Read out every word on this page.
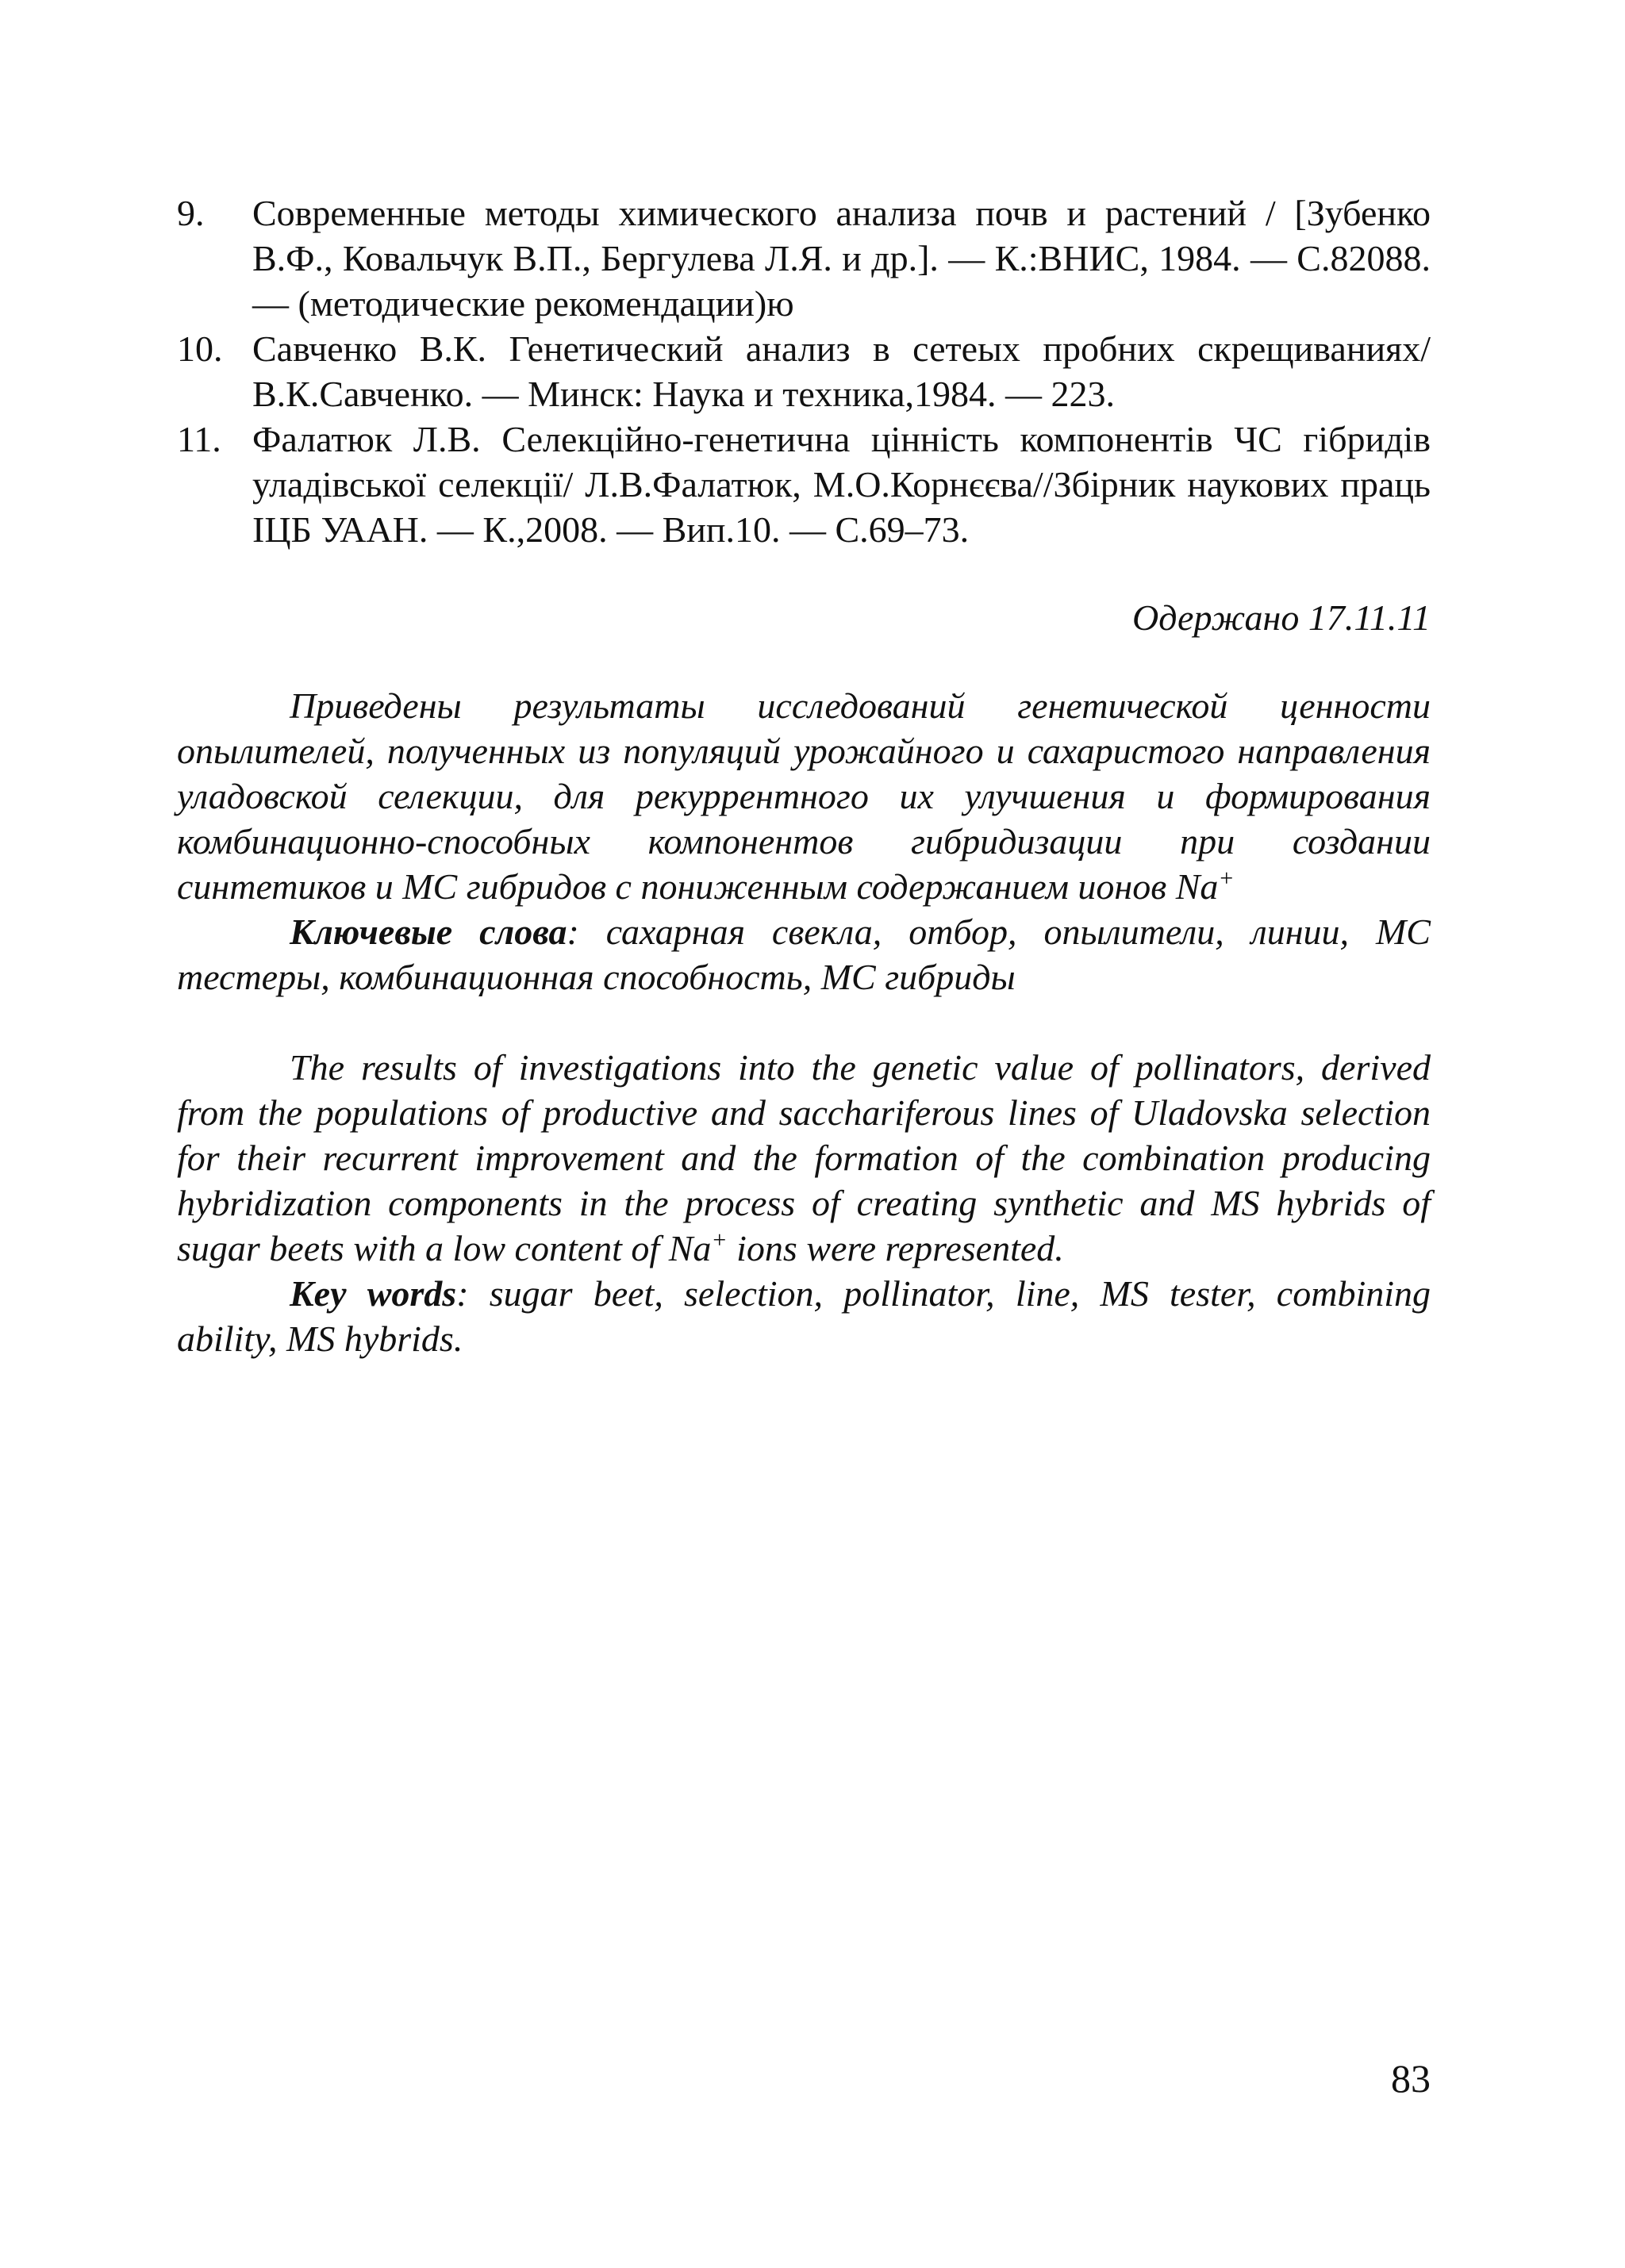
9. Современные методы химического анализа почв и растений / [Зубенко В.Ф., Ковальчук В.П., Бергулева Л.Я. и др.]. — К.:ВНИС, 1984. — С.82088. — (методические рекомендации)ю
10. Савченко В.К. Генетический анализ в сетеых пробних скрещиваниях/В.К.Савченко. — Минск: Наука и техника,1984. — 223.
11. Фалатюк Л.В. Селекційно-генетична цінність компонентів ЧС гібридів уладівської селекції/ Л.В.Фалатюк, М.О.Корнєєва//Збірник наукових праць ІЦБ УААН. — К.,2008. — Вип.10. — С.69–73.
Одержано 17.11.11

Приведены результаты исследований генетической ценности опылителей, полученных из популяций урожайного и сахаристого направления уладовской селекции, для рекуррентного их улучшения и формирования комбинационно-способных компонентов гибридизации при создании синтетиков и МС гибридов с пониженным содержанием ионов Na+

Ключевые слова: сахарная свекла, отбор, опылители, линии, МС тестеры, комбинационная способность, МС гибриды

The results of investigations into the genetic value of pollinators, derived from the populations of productive and sacchariferous lines of Uladovska selection for their recurrent improvement and the formation of the combination producing hybridization components in the process of creating synthetic and MS hybrids of sugar beets with a low content of Na+ ions were represented.

Key words: sugar beet, selection, pollinator, line, MS tester, combining ability, MS hybrids.

83
